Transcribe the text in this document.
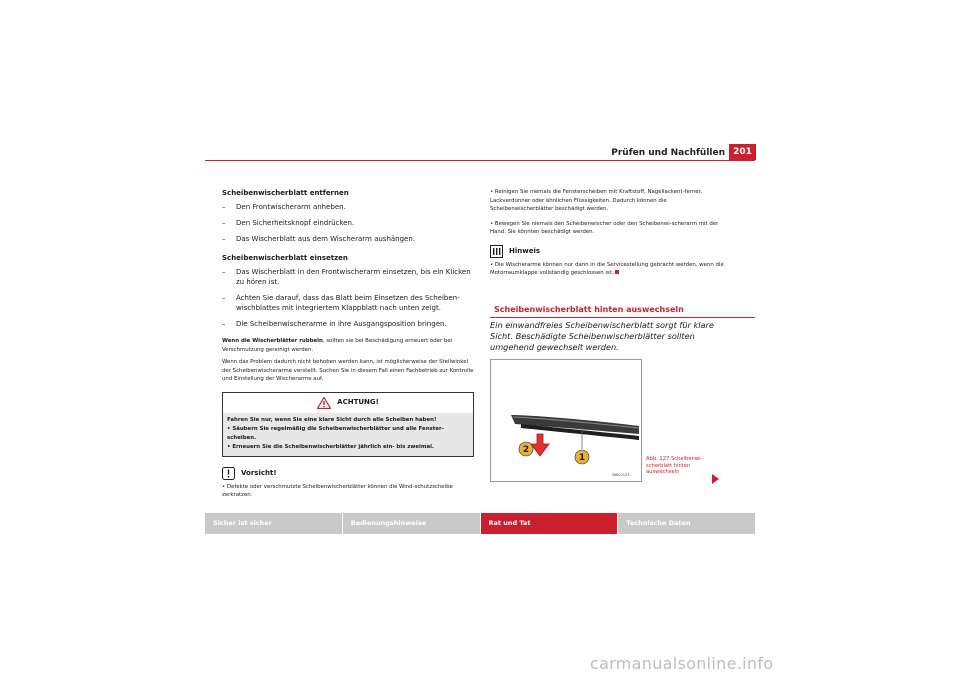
Prüfen und Nachfüllen 201
Scheibenwischerblatt entfernen
– Den Frontwischerarm anheben.
– Den Sicherheitsknopf eindrücken.
– Das Wischerblatt aus dem Wischerarm aushängen.
Scheibenwischerblatt einsetzen
– Das Wischerblatt in den Frontwischerarm einsetzen, bis ein Klicken zu hören ist.
– Achten Sie darauf, dass das Blatt beim Einsetzen des Scheiben-wischblattes mit integriertem Klappblatt nach unten zeigt.
– Die Scheibenwischerarme in ihre Ausgangsposition bringen.
Wenn die Wischerblätter rubbeln, sollten sie bei Beschädigung erneuert oder bei Verschmutzung gereinigt werden.
Wenn das Problem dadurch nicht behoben werden kann, ist möglicherweise der Stellwinkel der Scheibenwischerarme verstellt. Suchen Sie in diesem Fall einen Fachbetrieb zur Kontrolle und Einstellung der Wischerarme auf.
ACHTUNG!
Fahren Sie nur, wenn Sie eine klare Sicht durch alle Scheiben haben!
• Säubern Sie regelmäßig die Scheibenwischerblätter und alle Fenster-scheiben.
• Erneuern Sie die Scheibenwischerblätter jährlich ein- bis zweimal.
Vorsicht!
• Defekte oder verschmutzte Scheibenwischerblätter können die Wind-schutzscheibe zerkratzen.

• Reinigen Sie niemals die Fensterscheiben mit Kraftstoff, Nagellackent-ferner, Lackverdünner oder ähnlichen Flüssigkeiten. Dadurch können die Scheibenwischerblätter beschädigt werden.

• Bewegen Sie niemals den Scheibenwischer oder den Scheibenwi-scherarm mit der Hand. Sie könnten beschädigt werden.

Hinweis

• Die Wischerarme können nur dann in die Servicestellung gebracht werden, wenn die Motorraumklappe vollständig geschlossen ist.

Scheibenwischerblatt hinten auswechseln
Ein einwandfreies Scheibenwischerblatt sorgt für klare Sicht. Beschädigte Scheibenwischerblätter sollten umgehend gewechselt werden.
2
1
B6K-0123
Abb. 127 Scheibenwi-scherblatt hinten auswechseln
Sicher ist sicher	Bedienungshinweise	Rat und Tat	Technische Daten
carmanualsonline.info
